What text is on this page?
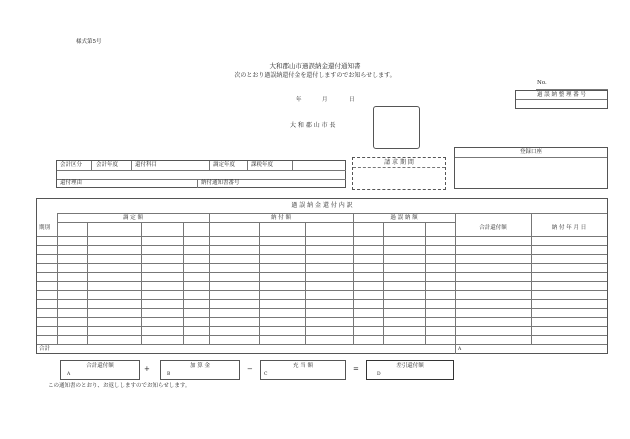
様式第5号
大和郡山市過誤納金還付通知書
次のとおり過誤納還付金を還付しますのでお知らせします。
No.
過 誤 納 整 理 番 号
年	月	日
大 和 郡 山 市 長
会計区分	会計年度	還付科目	調定年度	課税年度
還付理由	納付通知書番号
請 求 期 間
登録口座
過 誤 納 金 還 付 内 訳
調 定 額	納 付 額	過 誤 納 額
期別	合計還付額	納 付 年 月 日
合計	A
合計還付額
A
+	加 算 金
B
−	充 当 額
C
=	差引還付額
D
この通知書のとおり、お返ししますのでお知らせします。
